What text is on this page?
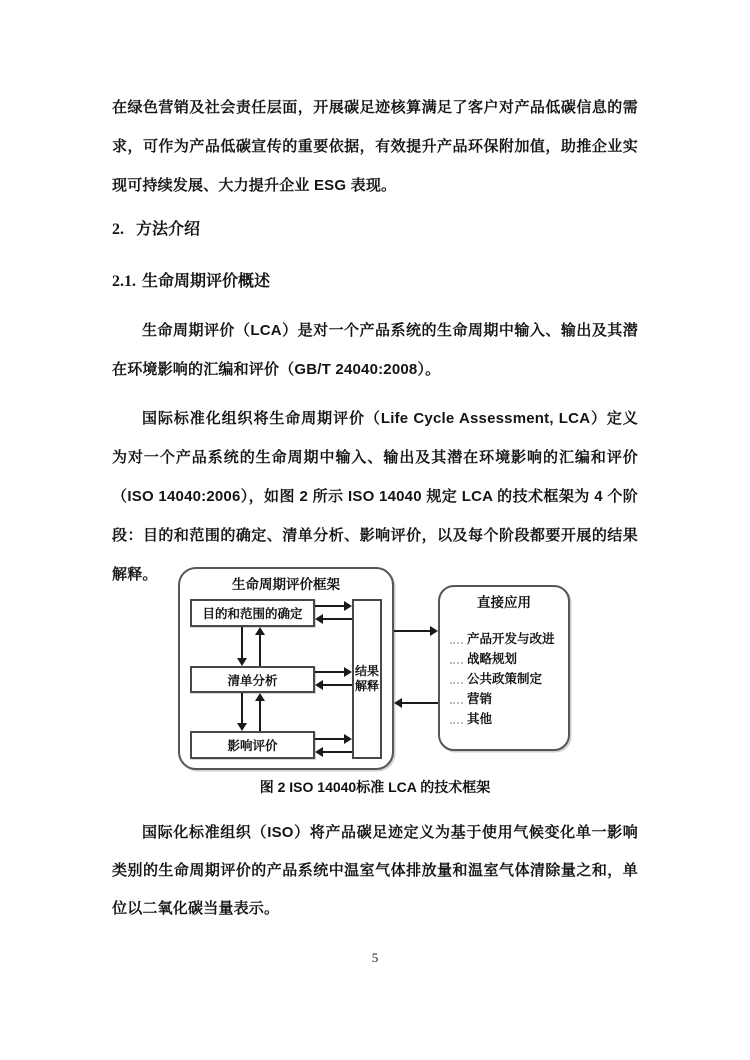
在绿色营销及社会责任层面，开展碳足迹核算满足了客户对产品低碳信息的需求，可作为产品低碳宣传的重要依据，有效提升产品环保附加值，助推企业实现可持续发展、大力提升企业 ESG 表现。

2. 方法介绍
2.1. 生命周期评价概述

生命周期评价（LCA）是对一个产品系统的生命周期中输入、输出及其潜在环境影响的汇编和评价（GB/T 24040:2008）。

国际标准化组织将生命周期评价（Life Cycle Assessment, LCA）定义为对一个产品系统的生命周期中输入、输出及其潜在环境影响的汇编和评价（ISO 14040:2006），如图 2 所示 ISO 14040 规定 LCA 的技术框架为 4 个阶段：目的和范围的确定、清单分析、影响评价，以及每个阶段都要开展的结果解释。

生命周期评价框架
目的和范围的确定
清单分析
影响评价
结果
解释
直接应用
产品开发与改进
战略规划
公共政策制定
营销
其他
图 2 ISO 14040标准 LCA 的技术框架

国际化标准组织（ISO）将产品碳足迹定义为基于使用气候变化单一影响类别的生命周期评价的产品系统中温室气体排放量和温室气体清除量之和，单位以二氧化碳当量表示。

5
